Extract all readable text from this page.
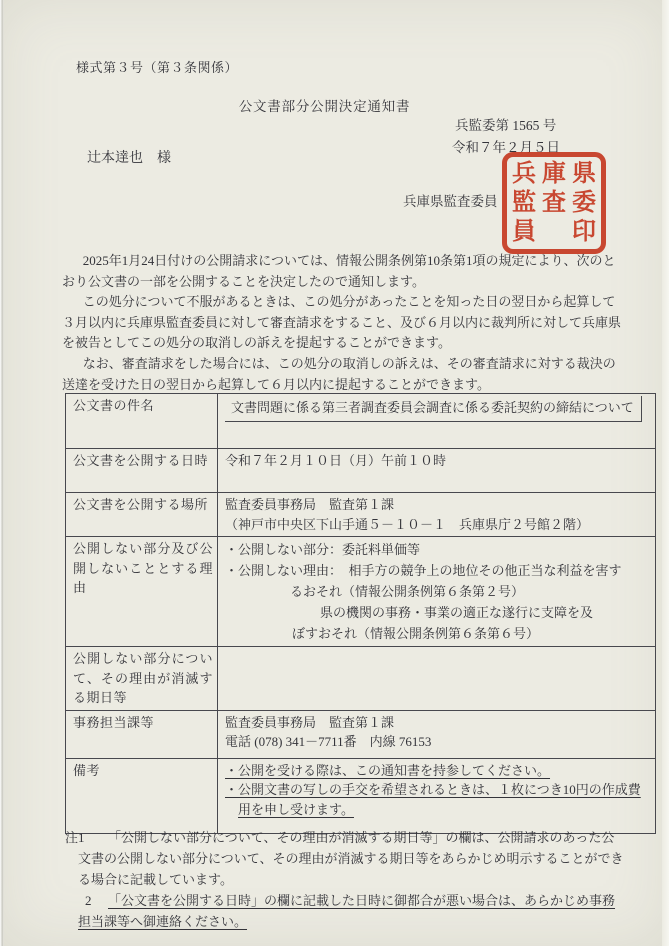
様式第３号（第３条関係）
公文書部分公開決定通知書
兵監委第 1565 号
令和７年２月５日
辻本達也　様
兵庫県監査委員
兵 庫 県
監 査 委
員 印

2025年1月24日付けの公開請求については、情報公開条例第10条第1項の規定により、次のとおり公文書の一部を公開することを決定したので通知します。

この処分について不服があるときは、この処分があったことを知った日の翌日から起算して３月以内に兵庫県監査委員に対して審査請求をすること、及び６月以内に裁判所に対して兵庫県を被告としてこの処分の取消しの訴えを提起することができます。

なお、審査請求をした場合には、この処分の取消しの訴えは、その審査請求に対する裁決の送達を受けた日の翌日から起算して６月以内に提起することができます。

公文書の件名	文書問題に係る第三者調査委員会調査に係る委託契約の締結について
公文書を公開する日時	令和７年２月１０日（月）午前１０時
公文書を公開する場所	監査委員事務局　監査第１課
（神戸市中央区下山手通５－１０－１　兵庫県庁２号館２階）

公開しない部分及び公開しないこととする理由	・公開しない部分：委託料単価等
・公開しない理由：　相手方の競争上の地位その他正当な利益を害す
るおそれ（情報公開条例第６条第２号）
県の機関の事務・事業の適正な遂行に支障を及
ぼすおそれ（情報公開条例第６条第６号）

公開しない部分について、その理由が消滅する期日等	
事務担当課等	監査委員事務局　監査第１課
電話 (078) 341－7711番　内線 76153

備考	・公開を受ける際は、この通知書を持参してください。
・公開文書の写しの手交を希望されるときは、１枚につき10円の作成費用を申し受けます。
注1	「公開しない部分について、その理由が消滅する期日等」の欄は、公開請求のあった公文書の公開しない部分について、その理由が消滅する期日等をあらかじめ明示することができる場合に記載しています。
2	「公文書を公開する日時」の欄に記載した日時に御都合が悪い場合は、あらかじめ事務担当課等へ御連絡ください。
